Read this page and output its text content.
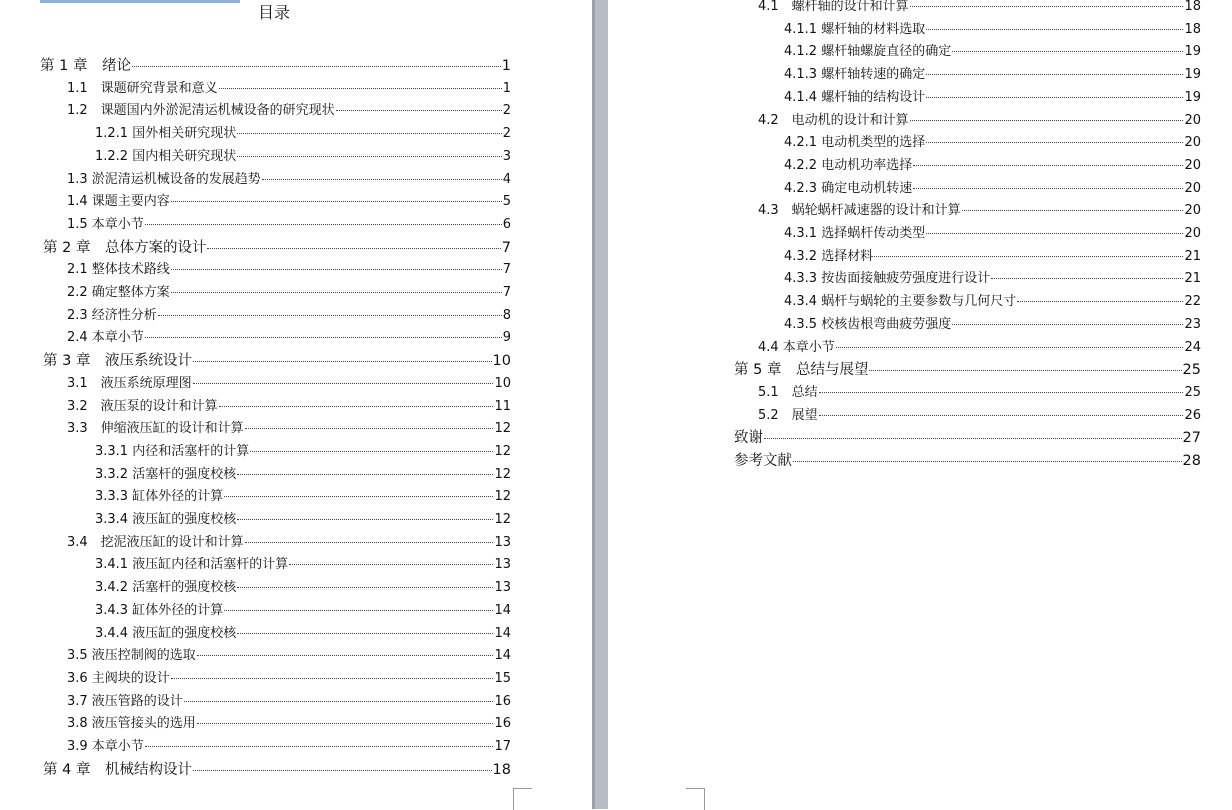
目录
第 1 章　绪论	1
1.1　课题研究背景和意义	1
1.2　课题国内外淤泥清运机械设备的研究现状	2
1.2.1 国外相关研究现状	2
1.2.2 国内相关研究现状	3
1.3 淤泥清运机械设备的发展趋势	4
1.4 课题主要内容	5
1.5 本章小节	6
第 2 章　总体方案的设计	7
2.1 整体技术路线	7
2.2 确定整体方案	7
2.3 经济性分析	8
2.4 本章小节	9
第 3 章　液压系统设计	10
3.1　液压系统原理图	10
3.2　液压泵的设计和计算	11
3.3　伸缩液压缸的设计和计算	12
3.3.1 内径和活塞杆的计算	12
3.3.2 活塞杆的强度校核	12
3.3.3 缸体外径的计算	12
3.3.4 液压缸的强度校核	12
3.4　挖泥液压缸的设计和计算	13
3.4.1 液压缸内径和活塞杆的计算	13
3.4.2 活塞杆的强度校核	13
3.4.3 缸体外径的计算	14
3.4.4 液压缸的强度校核	14
3.5 液压控制阀的选取	14
3.6 主阀块的设计	15
3.7 液压管路的设计	16
3.8 液压管接头的选用	16
3.9 本章小节	17
第 4 章　机械结构设计	18
4.1　螺杆轴的设计和计算	18
4.1.1 螺杆轴的材料选取	18
4.1.2 螺杆轴螺旋直径的确定	19
4.1.3 螺杆轴转速的确定	19
4.1.4 螺杆轴的结构设计	19
4.2　电动机的设计和计算	20
4.2.1 电动机类型的选择	20
4.2.2 电动机功率选择	20
4.2.3 确定电动机转速	20
4.3　蜗轮蜗杆减速器的设计和计算	20
4.3.1 选择蜗杆传动类型	20
4.3.2 选择材料	21
4.3.3 按齿面接触疲劳强度进行设计	21
4.3.4 蜗杆与蜗轮的主要参数与几何尺寸	22
4.3.5 校核齿根弯曲疲劳强度	23
4.4 本章小节	24
第 5 章　总结与展望	25
5.1　总结	25
5.2　展望	26
致谢	27
参考文献	28
